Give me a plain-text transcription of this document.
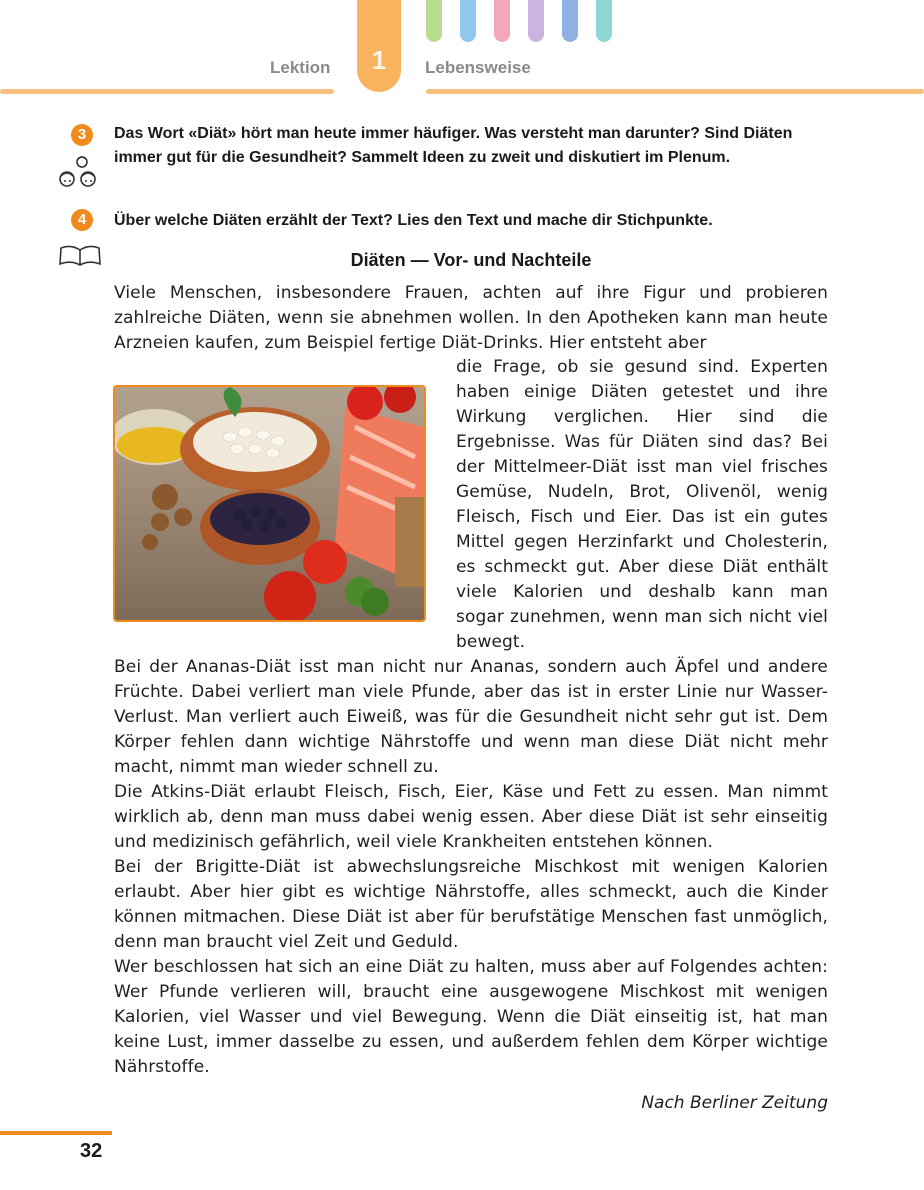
1
Lektion	Lebensweise
3	Das Wort «Diät» hört man heute immer häufiger. Was versteht man darunter? Sind Diäten immer gut für die Gesundheit? Sammelt Ideen zu zweit und diskutiert im Plenum.
4	Über welche Diäten erzählt der Text? Lies den Text und mache dir Stichpunkte.
Diäten — Vor- und Nachteile
Viele Menschen, insbesondere Frauen, achten auf ihre Figur und probieren zahlreiche Diäten, wenn sie abnehmen wollen. In den Apotheken kann man heute Arzneien kaufen, zum Beispiel fertige Diät-Drinks. Hier entsteht aber
die Frage, ob sie gesund sind. Experten haben einige Diäten getestet und ihre Wirkung verglichen. Hier sind die Ergebnisse. Was für Diäten sind das? Bei der Mittelmeer-Diät isst man viel frisches Gemüse, Nudeln, Brot, Olivenöl, wenig Fleisch, Fisch und Eier. Das ist ein gutes Mittel gegen Herzinfarkt und Cholesterin, es schmeckt gut. Aber diese Diät enthält viele Kalorien und deshalb kann man sogar zunehmen, wenn man sich nicht viel bewegt.
Bei der Ananas-Diät isst man nicht nur Ananas, sondern auch Äpfel und andere Früchte. Dabei verliert man viele Pfunde, aber das ist in erster Linie nur Wasser-Verlust. Man verliert auch Eiweiß, was für die Gesundheit nicht sehr gut ist. Dem Körper fehlen dann wichtige Nährstoffe und wenn man diese Diät nicht mehr macht, nimmt man wieder schnell zu.
Die Atkins-Diät erlaubt Fleisch, Fisch, Eier, Käse und Fett zu essen. Man nimmt wirklich ab, denn man muss dabei wenig essen. Aber diese Diät ist sehr einseitig und medizinisch gefährlich, weil viele Krankheiten entstehen können.
Bei der Brigitte-Diät ist abwechslungsreiche Mischkost mit wenigen Kalorien erlaubt. Aber hier gibt es wichtige Nährstoffe, alles schmeckt, auch die Kinder können mitmachen. Diese Diät ist aber für berufstätige Menschen fast unmöglich, denn man braucht viel Zeit und Geduld.
Wer beschlossen hat sich an eine Diät zu halten, muss aber auf Folgendes achten: Wer Pfunde verlieren will, braucht eine ausgewogene Mischkost mit wenigen Kalorien, viel Wasser und viel Bewegung. Wenn die Diät einseitig ist, hat man keine Lust, immer dasselbe zu essen, und außerdem fehlen dem Körper wichtige Nährstoffe.
Nach Berliner Zeitung
32
